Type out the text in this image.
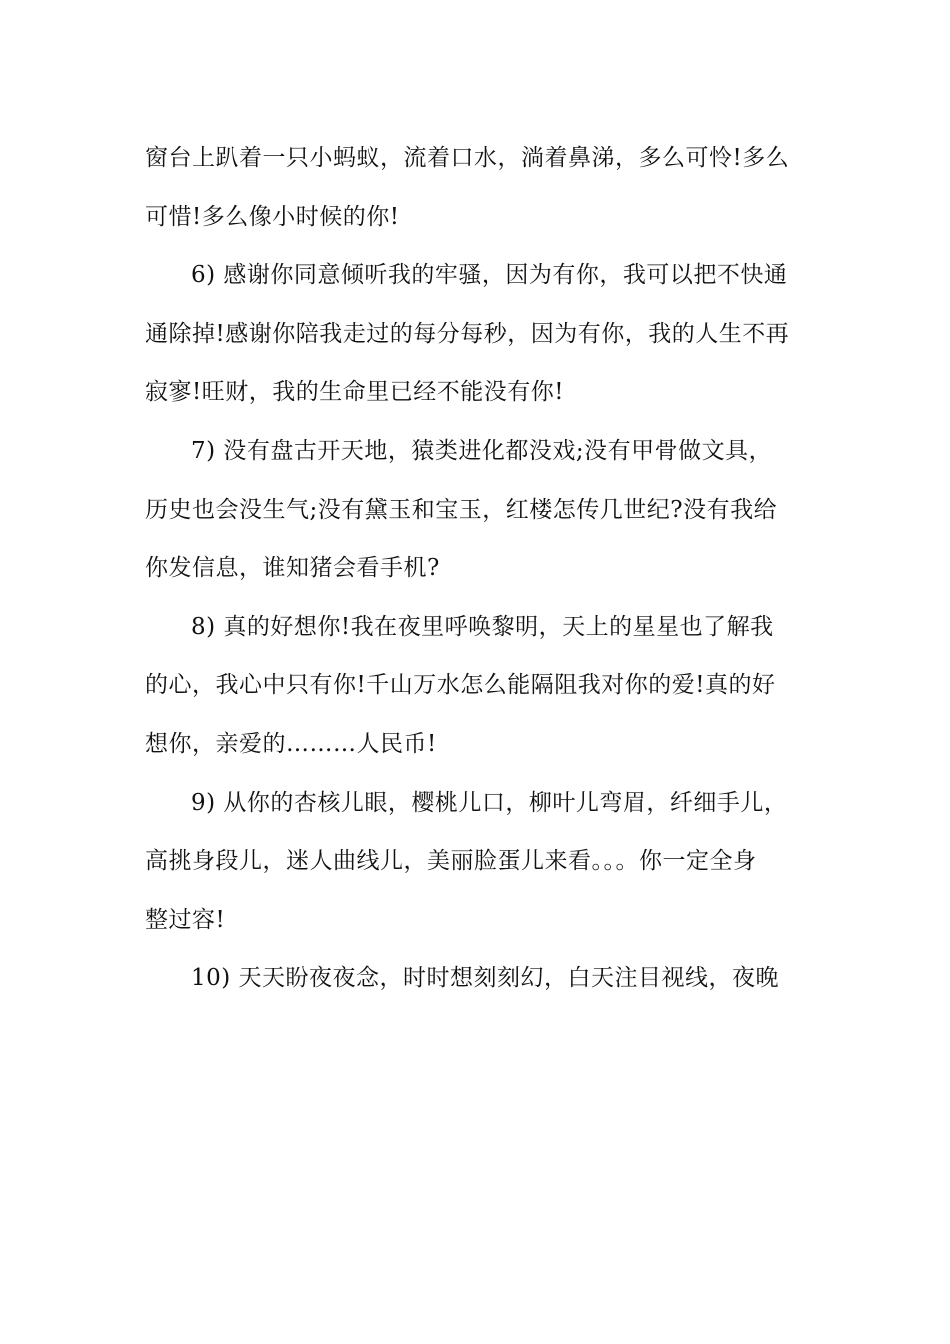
窗台上趴着一只小蚂蚁，流着口水，淌着鼻涕，多么可怜!多么
可惜!多么像小时候的你!
6) 感谢你同意倾听我的牢骚，因为有你，我可以把不快通
通除掉!感谢你陪我走过的每分每秒，因为有你，我的人生不再
寂寥!旺财，我的生命里已经不能没有你!
7) 没有盘古开天地，猿类进化都没戏;没有甲骨做文具，
历史也会没生气;没有黛玉和宝玉，红楼怎传几世纪?没有我给
你发信息，谁知猪会看手机?
8) 真的好想你!我在夜里呼唤黎明，天上的星星也了解我
的心，我心中只有你!千山万水怎么能隔阻我对你的爱!真的好
想你，亲爱的………人民币!
9) 从你的杏核儿眼，樱桃儿口，柳叶儿弯眉，纤细手儿，
高挑身段儿，迷人曲线儿，美丽脸蛋儿来看。。。你一定全身
整过容!
10) 天天盼夜夜念，时时想刻刻幻，白天注目视线，夜晚
